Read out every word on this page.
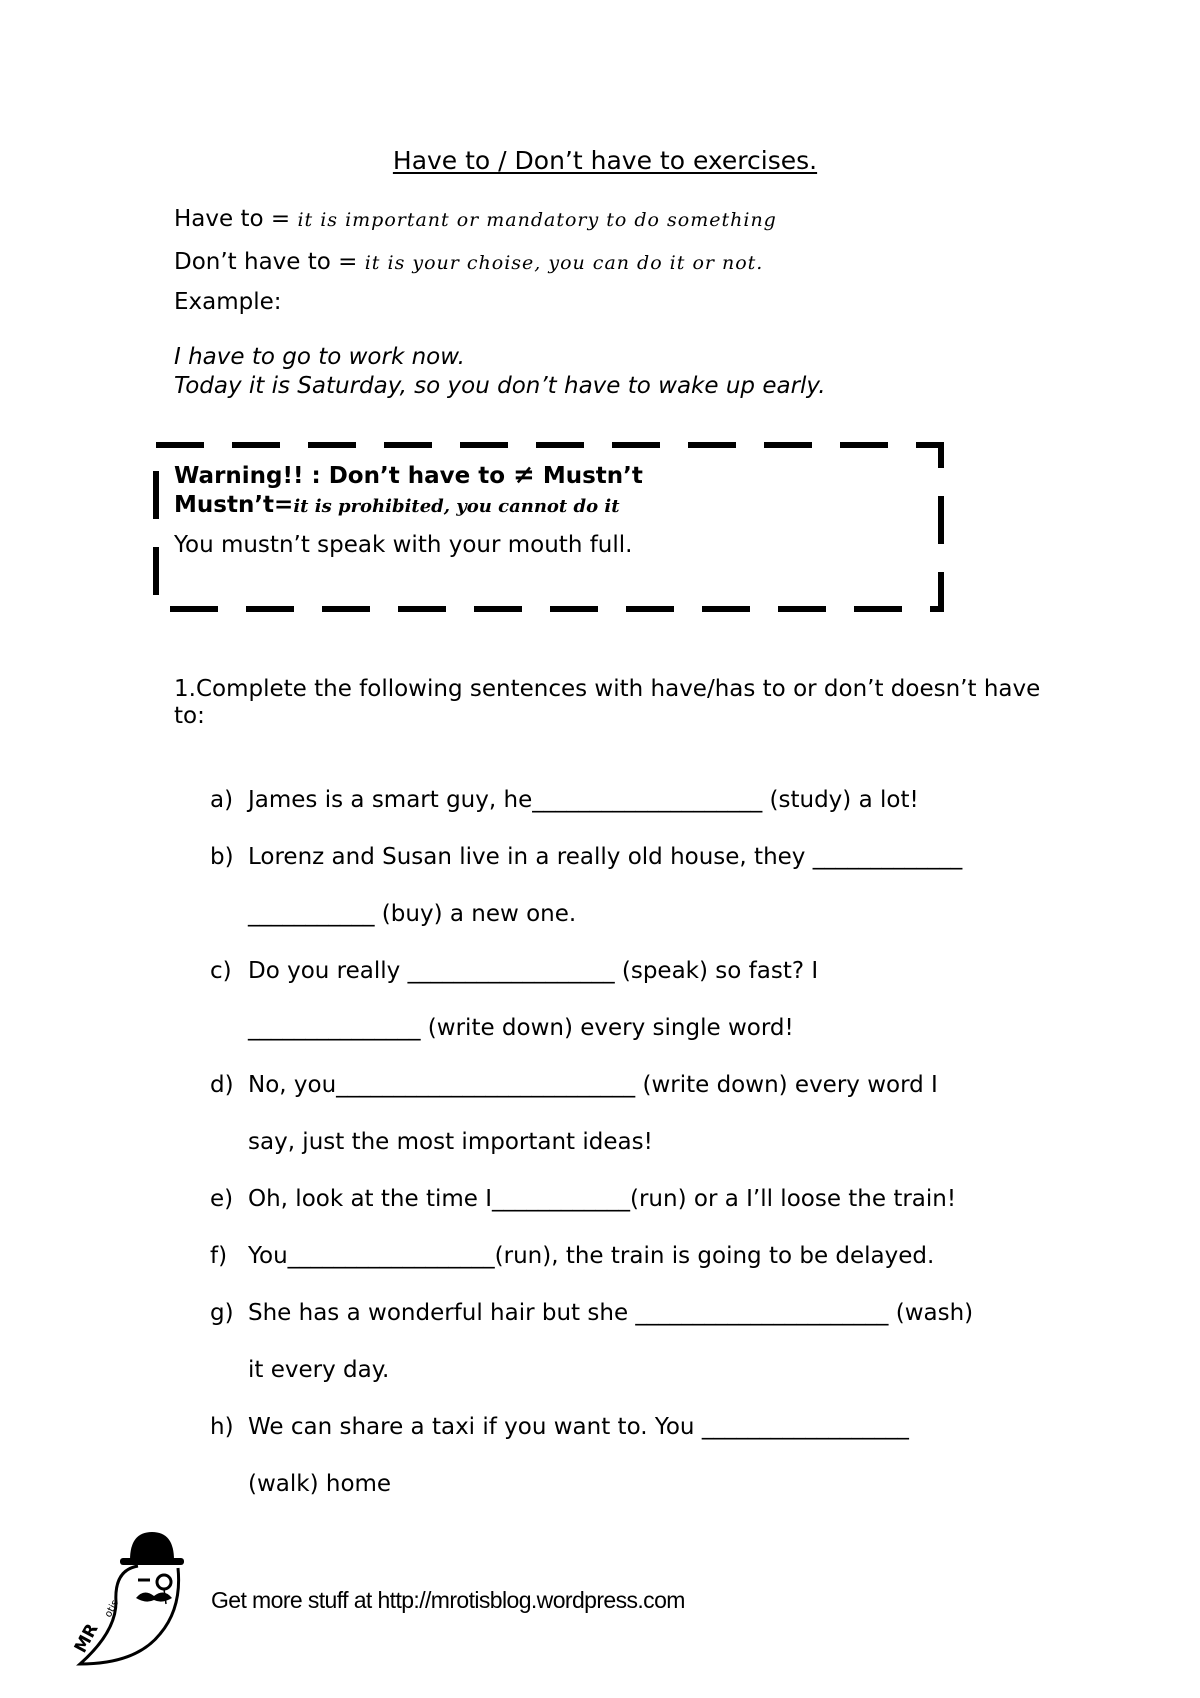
Have to / Don’t have to exercises.
Have to = it is important or mandatory to do something
Don’t have to = it is your choise, you can do it or not.
Example:
I have to go to work now.
Today it is Saturday, so you don’t have to wake up early.
Warning!! : Don’t have to ≠ Mustn’t
Mustn’t=it is prohibited, you cannot do it
You mustn’t speak with your mouth full.
1.Complete the following sentences with have/has to or don’t doesn’t have to:
a) James is a smart guy, he____________________ (study) a lot!
b) Lorenz and Susan live in a really old house, they _____________
___________ (buy) a new one.
c) Do you really __________________ (speak) so fast? I
_______________ (write down) every single word!
d) No, you__________________________ (write down) every word I
say, just the most important ideas!
e) Oh, look at the time I____________(run) or a I’ll loose the train!
f) You__________________(run), the train is going to be delayed.
g) She has a wonderful hair but she ______________________ (wash)
it every day.
h) We can share a taxi if you want to. You __________________
(walk) home
MR
otis	Get more stuff at http://mrotisblog.wordpress.com
